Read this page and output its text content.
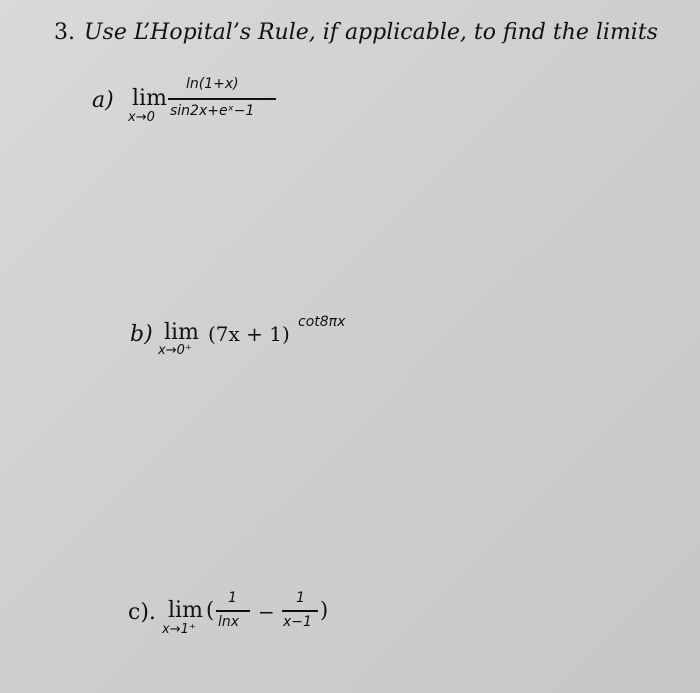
3. Use L’Hopital’s Rule, if applicable, to find the limits
a) lim
x→0
ln(1+x)
sin2x+eˣ−1
b) lim
x→0⁺
(7x + 1) cot8πx
c). lim
x→1⁺
( 1
lnx −
1
x−1 )
